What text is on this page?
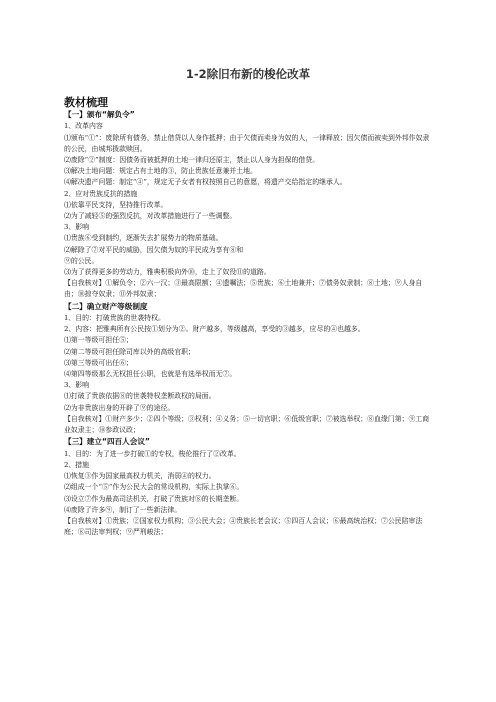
1-2除旧布新的梭伦改革
教材梳理
【一】颁布“解负令”
1、改革内容
⑴颁布“①”：废除所有债务，禁止借贷以人身作抵押；由于欠债而卖身为奴的人，一律释放；因欠债而被卖到外邦作奴隶的公民，由城邦拨款赎回。
⑵废除“②”制度：因债务而被抵押的土地一律归还原主，禁止以人身为担保的借贷。
⑶解决土地问题：规定占有土地的③，防止贵族任意兼并土地。
⑷解决遗产问题：制定“④”，规定无子女者有权按照自己的意愿，将遗产交给指定的继承人。
2、应对贵族反抗的措施
⑴依靠平民支持，坚持推行改革。
⑵为了减轻⑤的强烈反抗，对改革措施进行了一些调整。
3、影响
⑴贵族⑥受到制约，逐渐失去扩展势力的物质基础。
⑵解除了⑦对平民的威胁，因欠债为奴的平民成为享有⑧和
⑨的公民。
⑶为了获得更多的劳动力，雅典积极向外⑩，走上了奴役⑪的道路。
【自我核对】①解负令；②六一汉；③最高限额；④遗嘱法；⑤贵族；⑥土地兼并；⑦债务奴隶制；⑧土地；⑨人身自由；⑩掠夺奴隶；⑪外邦奴隶；
【二】确立财产等级制度
1、目的：打破贵族的世袭特权。
2、内容：把雅典所有公民按①划分为②。财产越多，等级越高，享受的③越多，应尽的④也越多。
⑴第一等级可担任⑤；
⑵第二等级可担任除司库以外的高级官职；
⑶第三等级可出任⑥；
⑷第四等级那么无权担任公职，也就是有选举权而无⑦。
3、影响
⑴打破了贵族依据⑧的世袭特权垄断政权的局面。
⑵为非贵族出身的开辟了⑨的途径。
【自我核对】①财产多少；②四个等级；③权利；④义务；⑤一切官职；⑥低级官职；⑦被选举权；⑧血缘门第；⑨工商业奴隶主；⑩参政议政；
【三】建立“四百人会议”
1、目的：为了进一步打破①的专权，梭伦推行了②改革。
2、措施
⑴恢复③作为国家最高权力机关，消弱④的权力。
⑵组成一个“⑤”作为公民大会的常设机构，实际上执掌⑥。
⑶设立⑦作为最高司法机关，打破了贵族对⑧的长期垄断。
⑷废除了许多⑨，制订了一些新法律。
【自我核对】①贵族；②国家权力机构；③公民大会；④贵族长老会议；⑤四百人会议；⑥最高统治权；⑦公民陪审法庭；⑧司法审判权；⑨严刑峻法；
